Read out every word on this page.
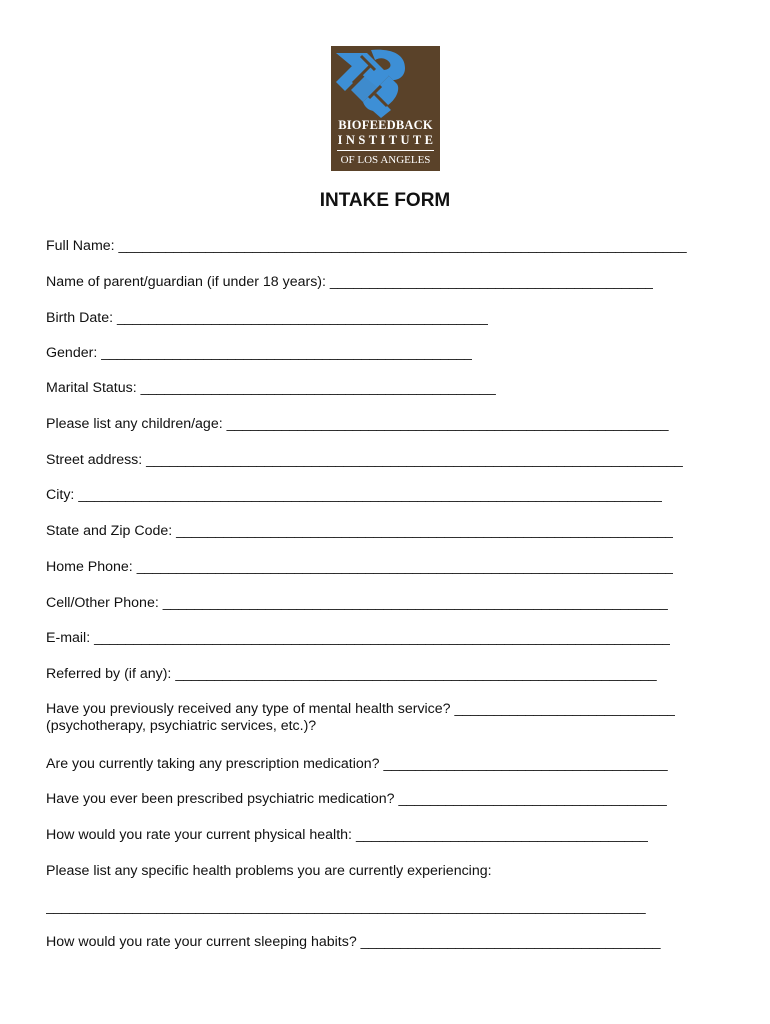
BIOFEEDBACK
INSTITUTE
OF LOS ANGELES
INTAKE FORM
Full Name: ________________________________________________________________________
Name of parent/guardian (if under 18 years): _________________________________________
Birth Date: _______________________________________________
Gender: _______________________________________________
Marital Status: _____________________________________________
Please list any children/age: ________________________________________________________
Street address: ____________________________________________________________________
City: __________________________________________________________________________
State and Zip Code: _______________________________________________________________
Home Phone: ____________________________________________________________________
Cell/Other Phone: ________________________________________________________________
E-mail: _________________________________________________________________________
Referred by (if any): _____________________________________________________________
Have you previously received any type of mental health service? ____________________________
(psychotherapy, psychiatric services, etc.)?
Are you currently taking any prescription medication? ____________________________________
Have you ever been prescribed psychiatric medication? __________________________________
How would you rate your current physical health: _____________________________________
Please list any specific health problems you are currently experiencing:
____________________________________________________________________________
How would you rate your current sleeping habits? ______________________________________
